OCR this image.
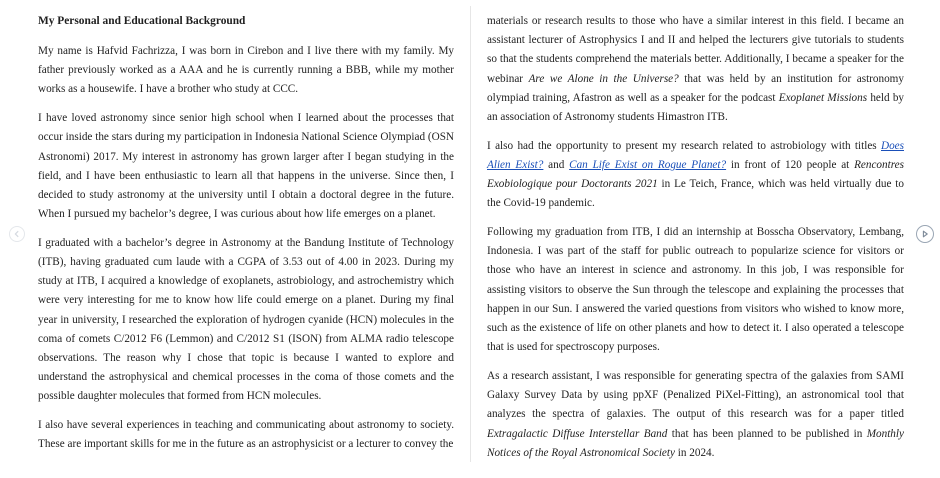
My Personal and Educational Background

My name is Hafvid Fachrizza, I was born in Cirebon and I live there with my family. My father previously worked as a AAA and he is currently running a BBB, while my mother works as a housewife. I have a brother who study at CCC.

I have loved astronomy since senior high school when I learned about the processes that occur inside the stars during my participation in Indonesia National Science Olympiad (OSN Astronomi) 2017. My interest in astronomy has grown larger after I began studying in the field, and I have been enthusiastic to learn all that happens in the universe. Since then, I decided to study astronomy at the university until I obtain a doctoral degree in the future. When I pursued my bachelor’s degree, I was curious about how life emerges on a planet.

I graduated with a bachelor’s degree in Astronomy at the Bandung Institute of Technology (ITB), having graduated cum laude with a CGPA of 3.53 out of 4.00 in 2023. During my study at ITB, I acquired a knowledge of exoplanets, astrobiology, and astrochemistry which were very interesting for me to know how life could emerge on a planet. During my final year in university, I researched the exploration of hydrogen cyanide (HCN) molecules in the coma of comets C/2012 F6 (Lemmon) and C/2012 S1 (ISON) from ALMA radio telescope observations. The reason why I chose that topic is because I wanted to explore and understand the astrophysical and chemical processes in the coma of those comets and the possible daughter molecules that formed from HCN molecules.

I also have several experiences in teaching and communicating about astronomy to society. These are important skills for me in the future as an astrophysicist or a lecturer to convey the

materials or research results to those who have a similar interest in this field. I became an assistant lecturer of Astrophysics I and II and helped the lecturers give tutorials to students so that the students comprehend the materials better. Additionally, I became a speaker for the webinar Are we Alone in the Universe? that was held by an institution for astronomy olympiad training, Afastron as well as a speaker for the podcast Exoplanet Missions held by an association of Astronomy students Himastron ITB.

I also had the opportunity to present my research related to astrobiology with titles Does Alien Exist? and Can Life Exist on Rogue Planet? in front of 120 people at Rencontres Exobiologique pour Doctorants 2021 in Le Teich, France, which was held virtually due to the Covid-19 pandemic.

Following my graduation from ITB, I did an internship at Bosscha Observatory, Lembang, Indonesia. I was part of the staff for public outreach to popularize science for visitors or those who have an interest in science and astronomy. In this job, I was responsible for assisting visitors to observe the Sun through the telescope and explaining the processes that happen in our Sun. I answered the varied questions from visitors who wished to know more, such as the existence of life on other planets and how to detect it. I also operated a telescope that is used for spectroscopy purposes.

As a research assistant, I was responsible for generating spectra of the galaxies from SAMI Galaxy Survey Data by using ppXF (Penalized PiXel-Fitting), an astronomical tool that analyzes the spectra of galaxies. The output of this research was for a paper titled Extragalactic Diffuse Interstellar Band that has been planned to be published in Monthly Notices of the Royal Astronomical Society in 2024.
